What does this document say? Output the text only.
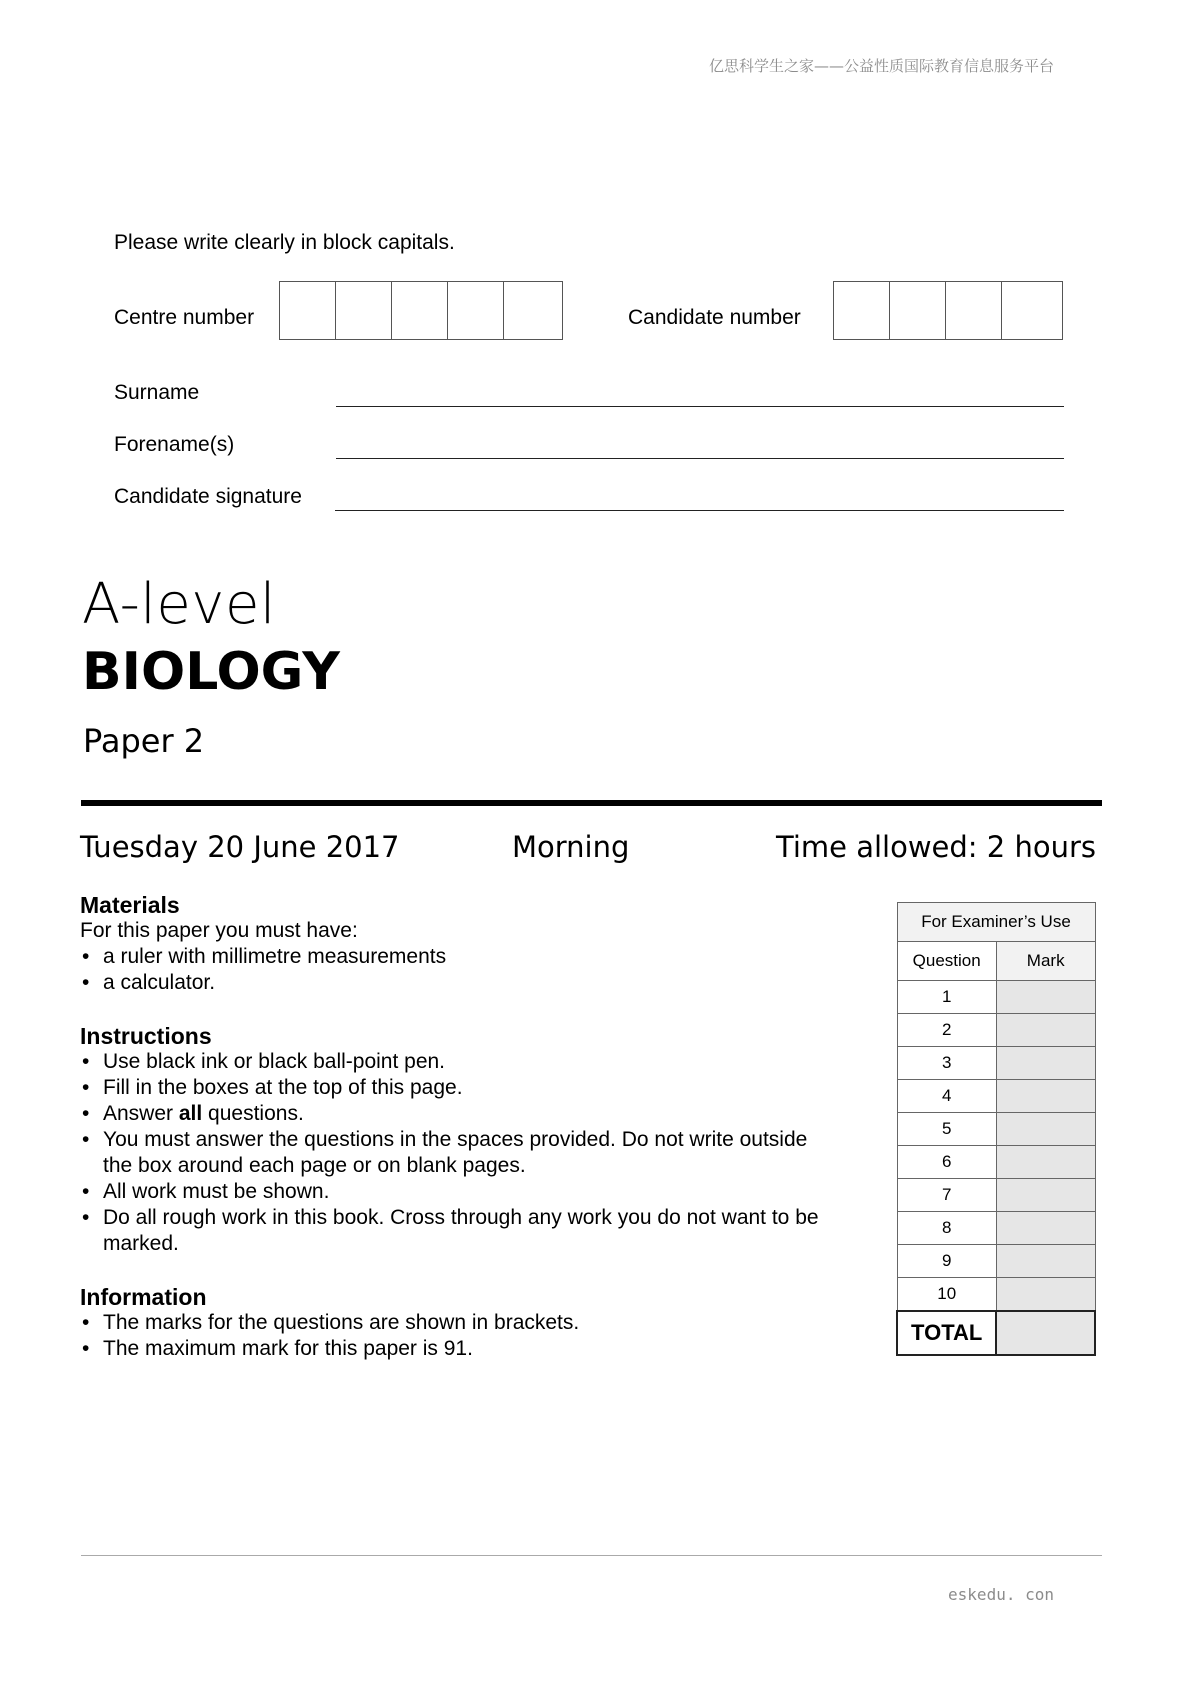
亿思科学生之家——公益性质国际教育信息服务平台
Please write clearly in block capitals.
Centre number	Candidate number
Surname
Forename(s)
Candidate signature
A-level
BIOLOGY
Paper 2
Tuesday 20 June 2017	Morning	Time allowed: 2 hours
Materials

For this paper you must have:

• a ruler with millimetre measurements
• a calculator.
Instructions
• Use black ink or black ball-point pen.
• Fill in the boxes at the top of this page.
• Answer all questions.
• You must answer the questions in the spaces provided. Do not write outside the box around each page or on blank pages.
• All work must be shown.
• Do all rough work in this book. Cross through any work you do not want to be marked.
Information
• The marks for the questions are shown in brackets.
• The maximum mark for this paper is 91.
For Examiner’s Use	
Question	Mark
1	
2	
3	
4	
5	
6	
7	
8	
9	
10	
TOTAL	
eskedu. con
